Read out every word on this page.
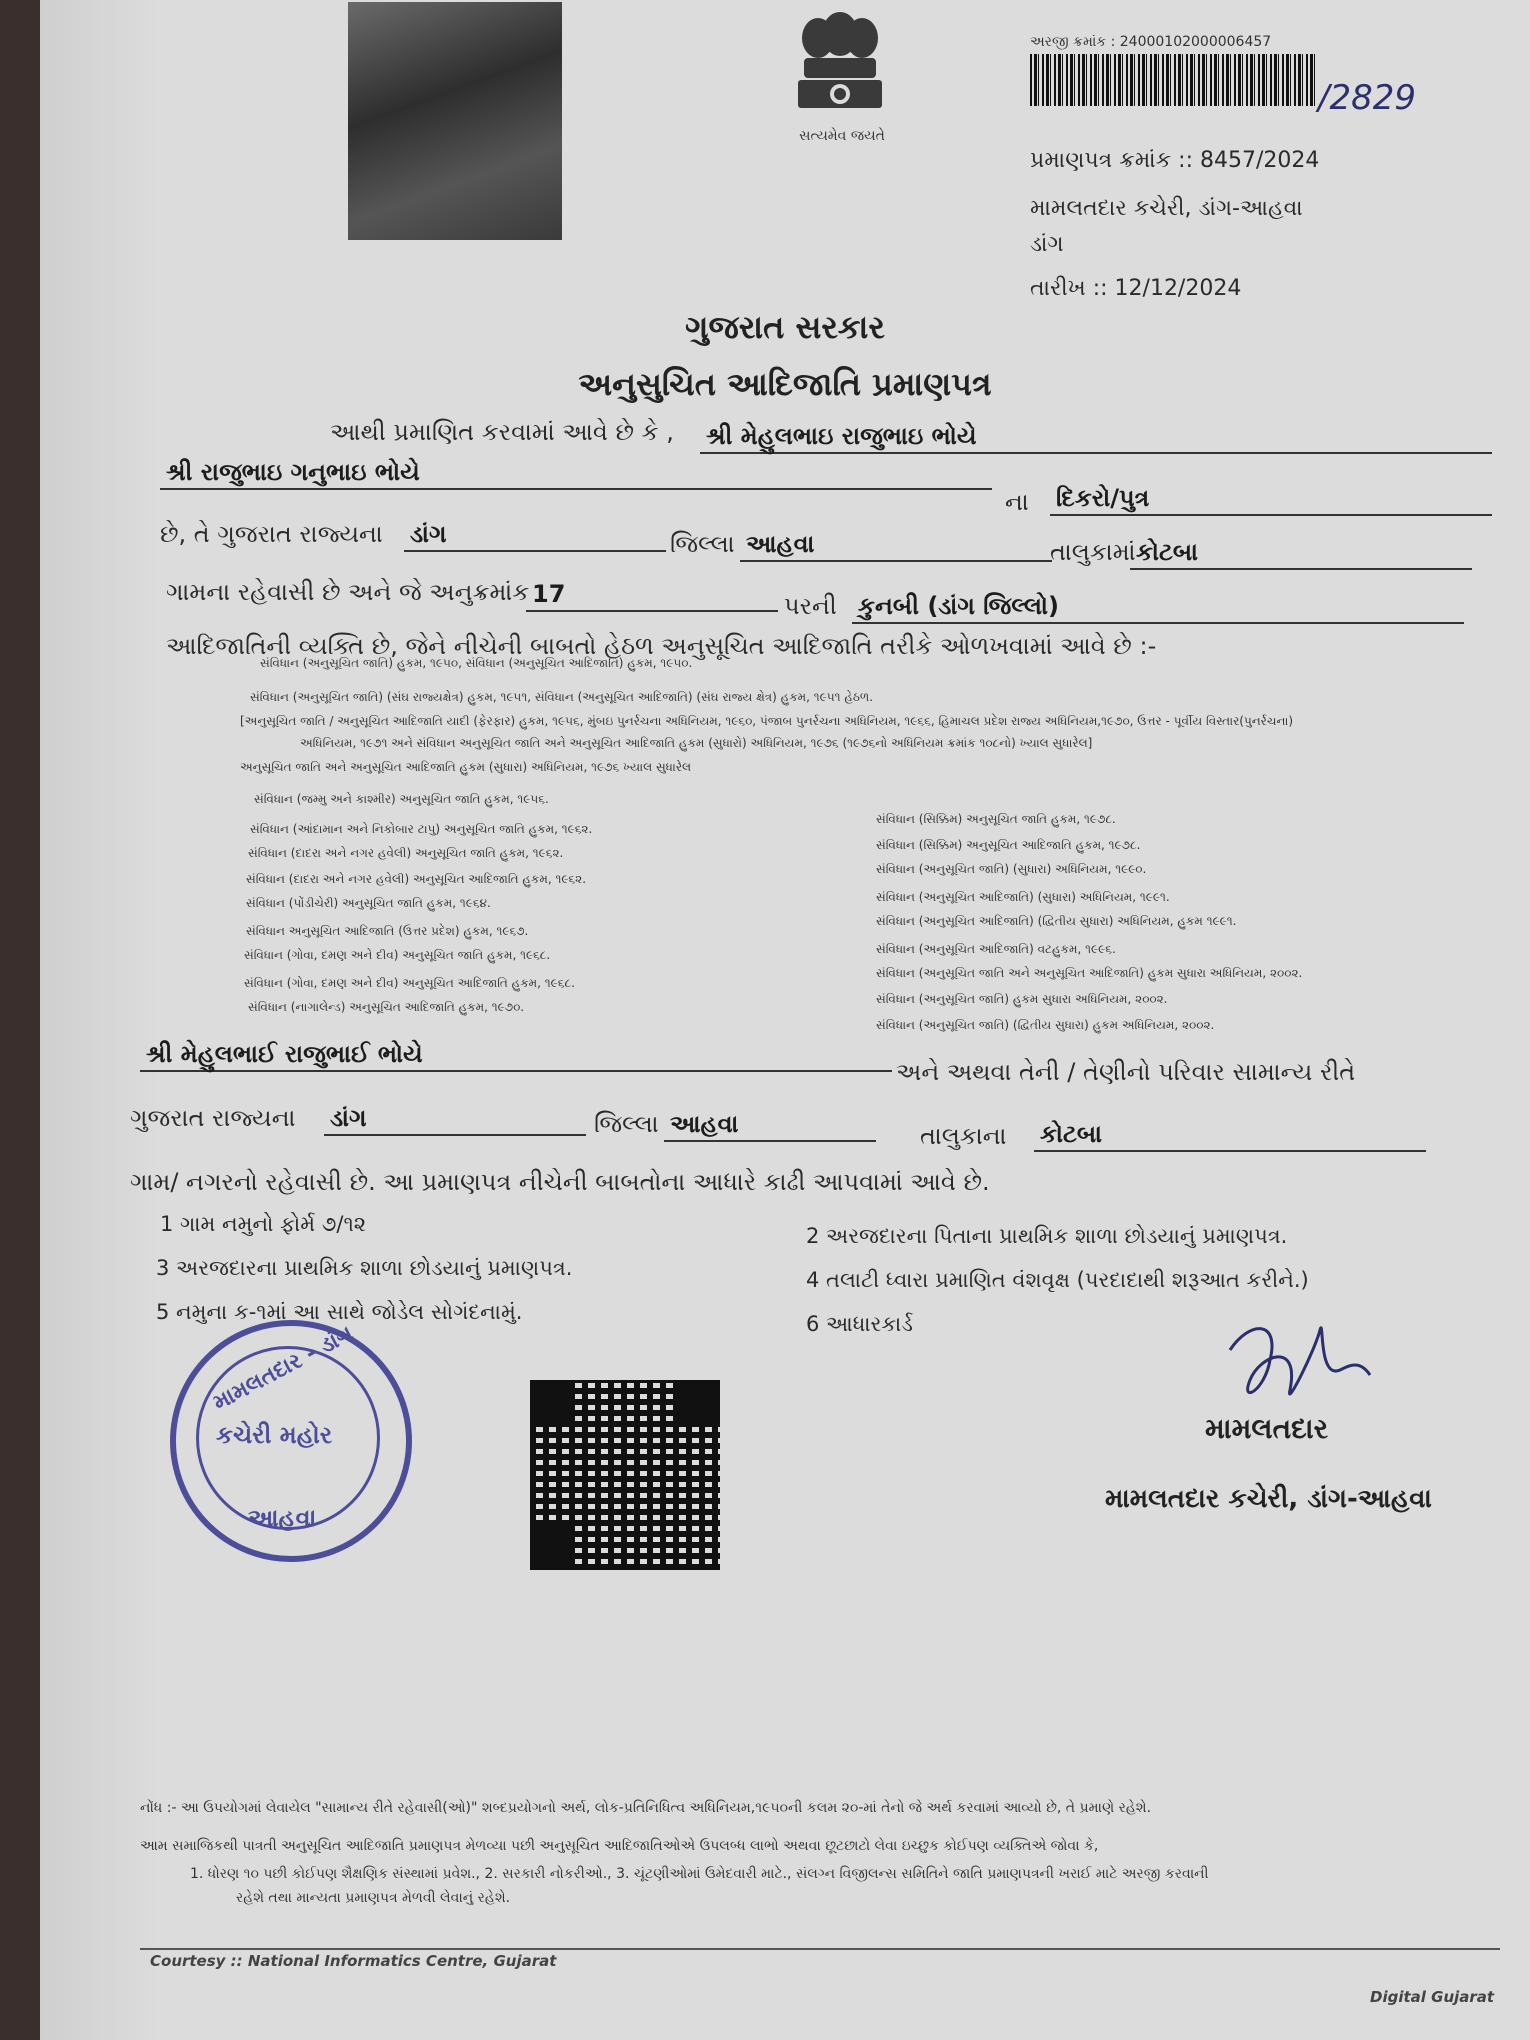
સત્યમેવ જયતે
અરજી ક્રમાંક : 24000102000006457
/2829
પ્રમાણપત્ર ક્રમાંક :: 8457/2024
મામલતદાર કચેરી, ડાંગ-આહવા
ડાંગ
તારીખ :: 12/12/2024
ગુજરાત સરકાર
અનુસુચિત આદિજાતિ પ્રમાણપત્ર
આથી પ્રમાણિત કરવામાં આવે છે કે , શ્રી મેહુલભાઇ રાજુભાઇ ભોયે
શ્રી રાજુભાઇ ગનુભાઇ ભોયે
ના દિકરો/પુત્ર
છે, તે ગુજરાત રાજ્યના ડાંગ	જિલ્લા આહવા	તાલુકામાં કોટબા
ગામના રહેવાસી છે અને જે અનુક્રમાંક 17	પરની કુનબી (ડાંગ જિલ્લો)
આદિજાતિની વ્યક્તિ છે, જેને નીચેની બાબતો હેઠળ અનુસૂચિત આદિજાતિ તરીકે ઓળખવામાં આવે છે :-
સંવિધાન (અનુસૂચિત જાતિ) હુકમ, ૧૯૫૦, સંવિધાન (અનુસૂચિત આદિજાતિ) હુકમ, ૧૯૫૦.
સંવિધાન (અનુસૂચિત જાતિ) (સંઘ રાજ્યક્ષેત્ર) હુકમ, ૧૯૫૧, સંવિધાન (અનુસૂચિત આદિજાતિ) (સંઘ રાજ્ય ક્ષેત્ર) હુકમ, ૧૯૫૧ હેઠળ.
[અનુસૂચિત જાતિ / અનુસૂચિત આદિજાતિ યાદી (ફેરફાર) હુકમ, ૧૯૫૬, મુંબઇ પુનર્રચના અધિનિયમ, ૧૯૬૦, પંજાબ પુનર્રચના અધિનિયમ, ૧૯૬૬, હિમાચલ પ્રદેશ રાજ્ય અધિનિયમ,૧૯૭૦, ઉત્તર - પૂર્વીય વિસ્તાર(પુનર્રચના)
અધિનિયમ, ૧૯૭૧ અને સંવિધાન અનુસૂચિત જાતિ અને અનુસૂચિત આદિજાતિ હુકમ (સુધારો) અધિનિયમ, ૧૯૭૬ (૧૯૭૬નો અધિનિયમ ક્રમાંક ૧૦૮નો) ખ્યાલ સુધારેલ]
અનુસૂચિત જાતિ અને અનુસૂચિત આદિજાતિ હુકમ (સુધારા) અધિનિયમ, ૧૯૭૬ ખ્યાલ સુધારેલ
સંવિધાન (જમ્મુ અને કાશ્મીર) અનુસૂચિત જાતિ હુકમ, ૧૯૫૬.
સંવિધાન (આંદામાન અને નિકોબાર ટાપુ) અનુસૂચિત જાતિ હુકમ, ૧૯૬૨.
સંવિધાન (દાદરા અને નગર હવેલી) અનુસૂચિત જાતિ હુકમ, ૧૯૬૨.
સંવિધાન (દાદરા અને નગર હવેલી) અનુસૂચિત આદિજાતિ હુકમ, ૧૯૬૨.
સંવિધાન (પોંડીચેરી) અનુસૂચિત જાતિ હુકમ, ૧૯૬૪.
સંવિધાન અનુસૂચિત આદિજાતિ (ઉત્તર પ્રદેશ) હુકમ, ૧૯૬૭.
સંવિધાન (ગોવા, દમણ અને દીવ) અનુસૂચિત જાતિ હુકમ, ૧૯૬૮.
સંવિધાન (ગોવા, દમણ અને દીવ) અનુસૂચિત આદિજાતિ હુકમ, ૧૯૬૮.
સંવિધાન (નાગાલેન્ડ) અનુસૂચિત આદિજાતિ હુકમ, ૧૯૭૦.
સંવિધાન (સિક્કિમ) અનુસૂચિત જાતિ હુકમ, ૧૯૭૮.
સંવિધાન (સિક્કિમ) અનુસૂચિત આદિજાતિ હુકમ, ૧૯૭૮.
સંવિધાન (અનુસૂચિત જાતિ) (સુધારા) અધિનિયમ, ૧૯૯૦.
સંવિધાન (અનુસૂચિત આદિજાતિ) (સુધારા) અધિનિયમ, ૧૯૯૧.
સંવિધાન (અનુસૂચિત આદિજાતિ) (દ્વિતીય સુધારા) અધિનિયમ, હુકમ ૧૯૯૧.
સંવિધાન (અનુસૂચિત આદિજાતિ) વટહુકમ, ૧૯૯૬.
સંવિધાન (અનુસૂચિત જાતિ અને અનુસૂચિત આદિજાતિ) હુકમ સુધારા અધિનિયમ, ૨૦૦૨.
સંવિધાન (અનુસૂચિત જાતિ) હુકમ સુધારા અધિનિયમ, ૨૦૦૨.
સંવિધાન (અનુસૂચિત જાતિ) (દ્વિતીય સુધારા) હુકમ અધિનિયમ, ૨૦૦૨.
શ્રી મેહુલભાઈ રાજુભાઈ ભોયે
અને અથવા તેની / તેણીનો પરિવાર સામાન્ય રીતે
ગુજરાત રાજ્યના ડાંગ	જિલ્લા આહવા	તાલુકાના કોટબા
ગામ/ નગરનો રહેવાસી છે. આ પ્રમાણપત્ર નીચેની બાબતોના આધારે કાઢી આપવામાં આવે છે.
1 ગામ નમુનો ફોર્મ ૭/૧૨	2 અરજદારના પિતાના પ્રાથમિક શાળા છોડયાનું પ્રમાણપત્ર.
3 અરજદારના પ્રાથમિક શાળા છોડયાનું પ્રમાણપત્ર.	4 તલાટી ધ્વારા પ્રમાણિત વંશવૃક્ષ (પરદાદાથી શરૂઆત કરીને.)
5 નમુના ક-૧માં આ સાથે જોડેલ સોગંદનામું.	6 આધારકાર્ડ
મામલતદાર - ડાંગ
કચેરી મહોર
આહવા
મામલતદાર
મામલતદાર કચેરી, ડાંગ-આહવા
નોંધ :- આ ઉપયોગમાં લેવાયેલ "સામાન્ય રીતે રહેવાસી(ઓ)" શબ્દપ્રયોગનો અર્થ, લોક-પ્રતિનિધિત્વ અધિનિયમ,૧૯૫૦ની કલમ ૨૦-માં તેનો જે અર્થ કરવામાં આવ્યો છે, તે પ્રમાણે રહેશે.
આમ સમાજિકથી પાત્રતી અનુસૂચિત આદિજાતિ પ્રમાણપત્ર મેળવ્યા પછી અનુસૂચિત આદિજાતિઓએ ઉપલબ્ધ લાભો અથવા છૂટછાટો લેવા ઇચ્છુક કોઈપણ વ્યક્તિએ જોવા કે,
1. ધોરણ ૧૦ પછી કોઈપણ શૈક્ષણિક સંસ્થામાં પ્રવેશ., 2. સરકારી નોકરીઓ., 3. ચૂંટણીઓમાં ઉમેદવારી માટે., સંલગ્ન વિજીલન્સ સમિતિને જાતિ પ્રમાણપત્રની ખરાઈ માટે અરજી કરવાની
રહેશે તથા માન્યતા પ્રમાણપત્ર મેળવી લેવાનું રહેશે.
Courtesy :: National Informatics Centre, Gujarat
Digital Gujarat
